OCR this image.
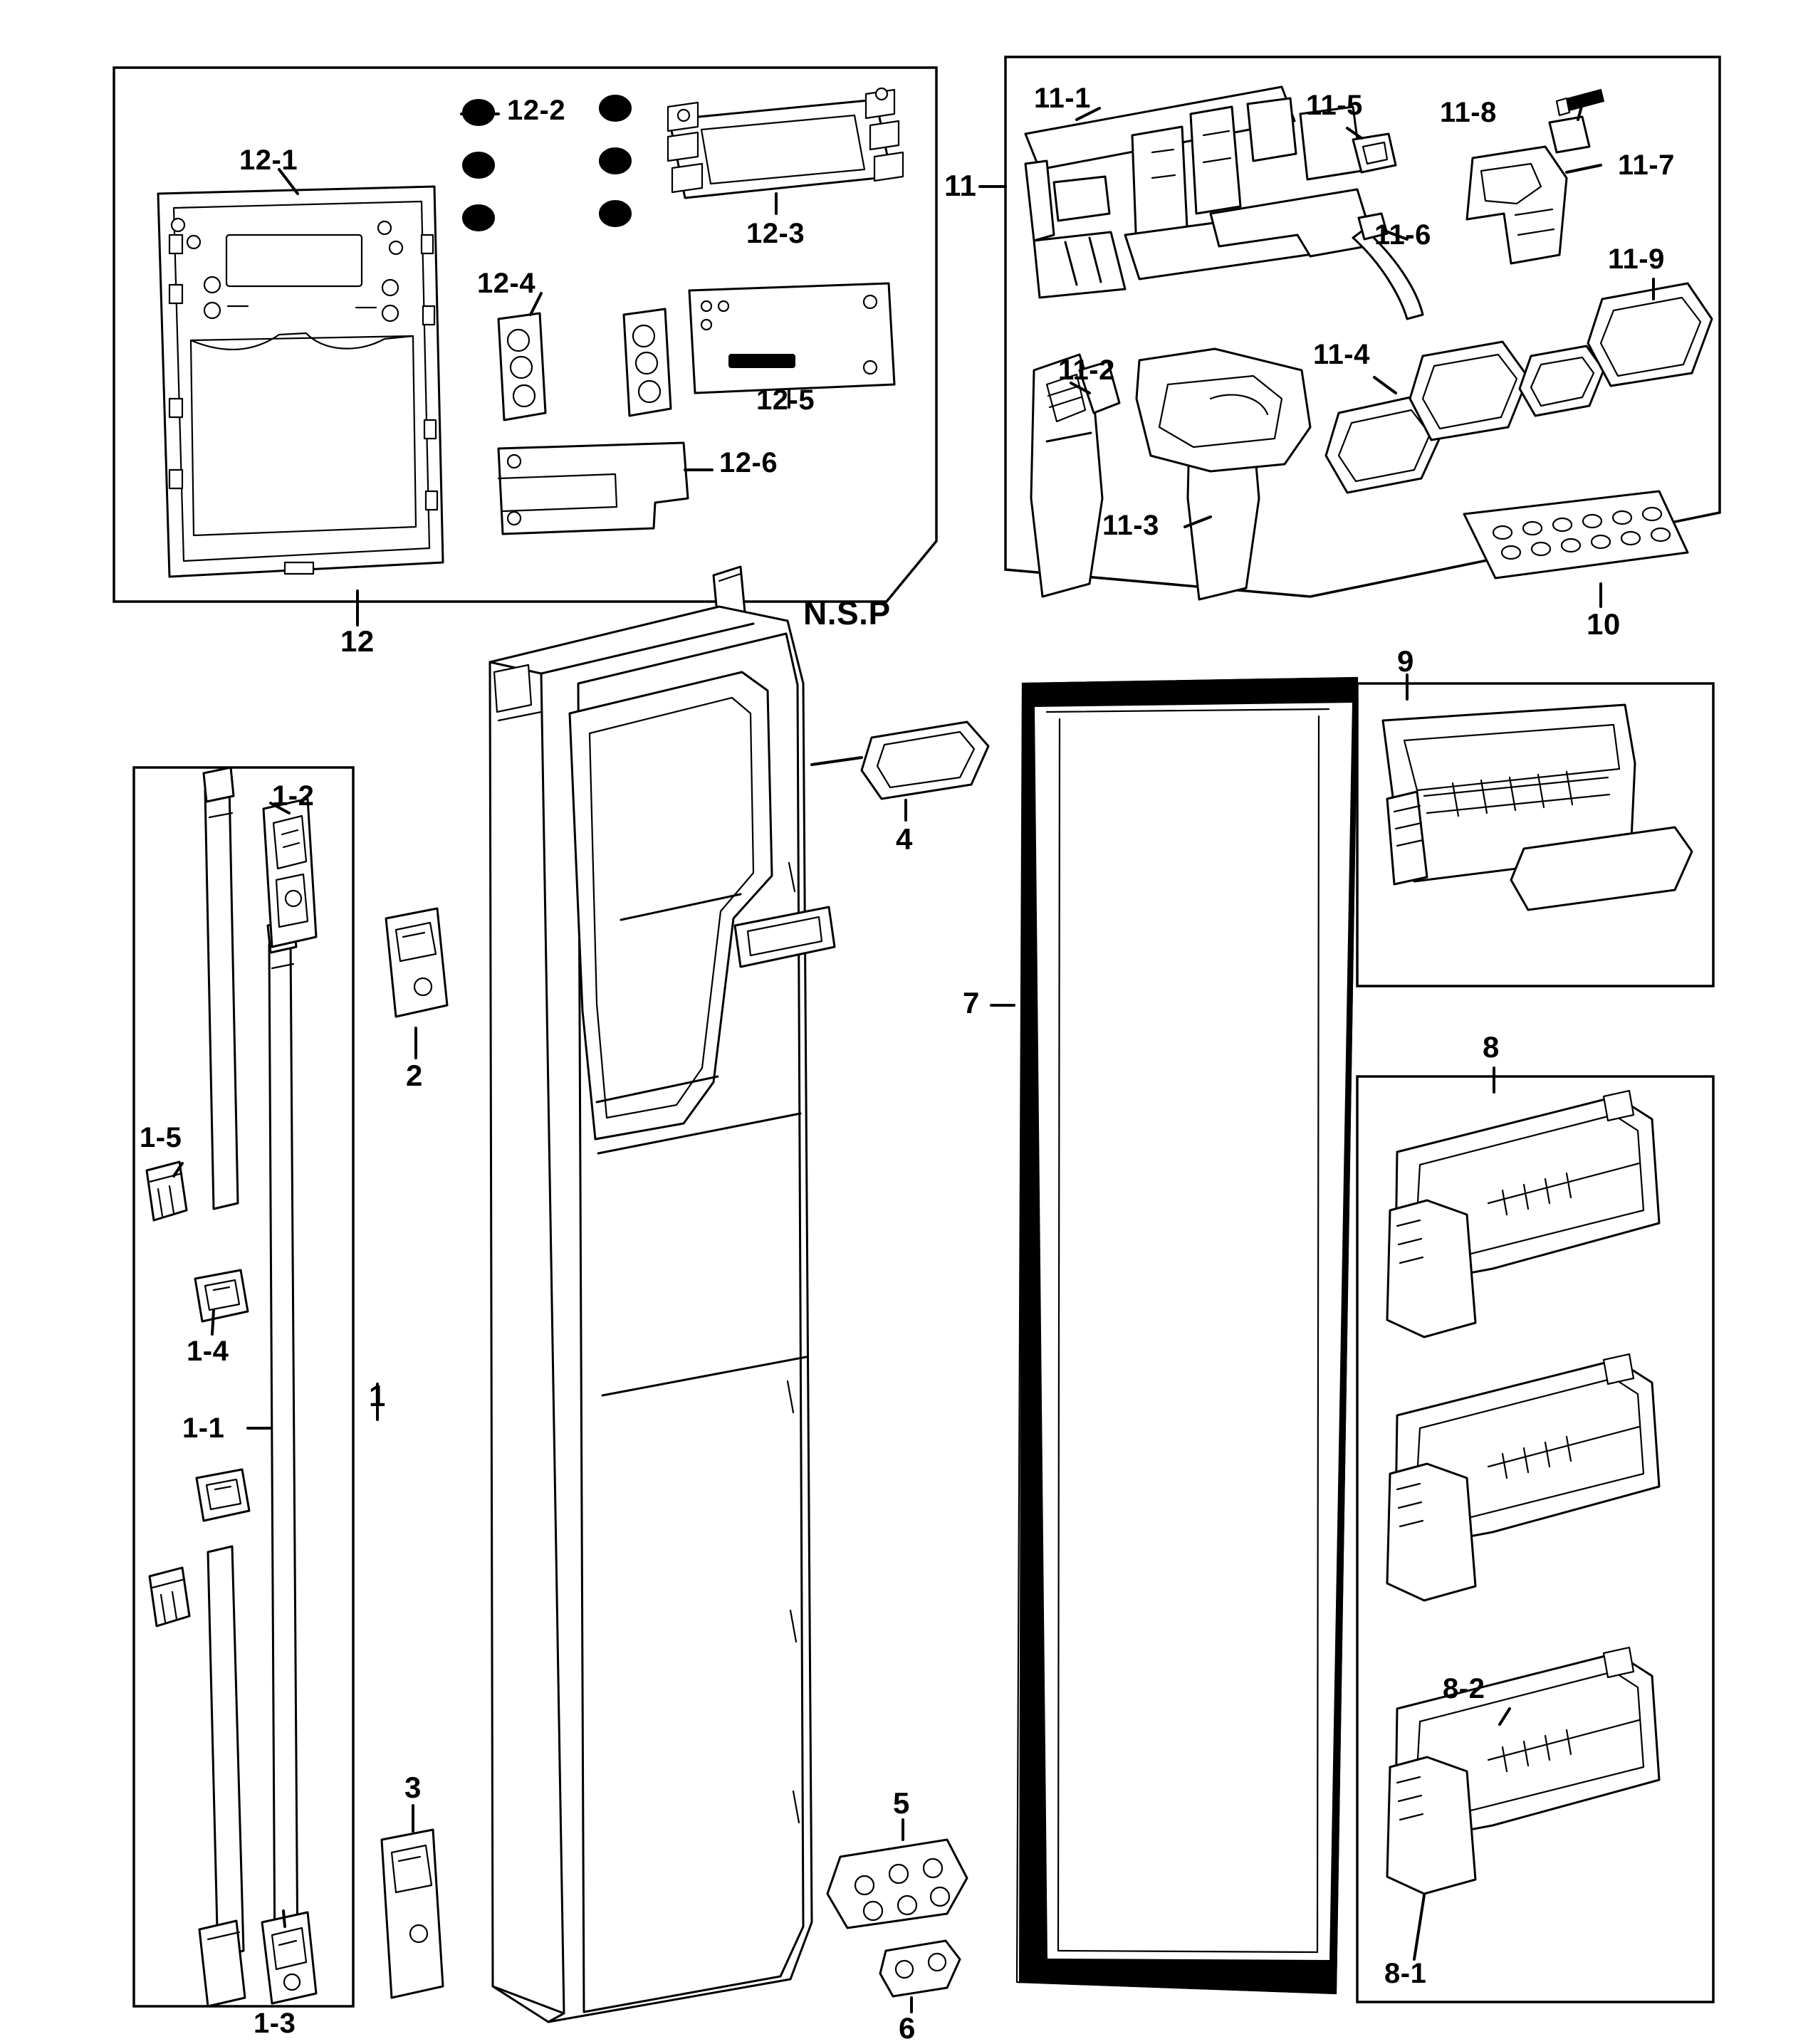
12-1
12-2
12-3
12-4
12-5
12-6
12
11
11-1
11-2
11-3
11-4
11-5
11-6
11-7
11-8
11-9
10
9
8
8-1
8-2
7
6
5
4
3
2
1
1-1
1-2
1-3
1-4
1-5
N.S.P
